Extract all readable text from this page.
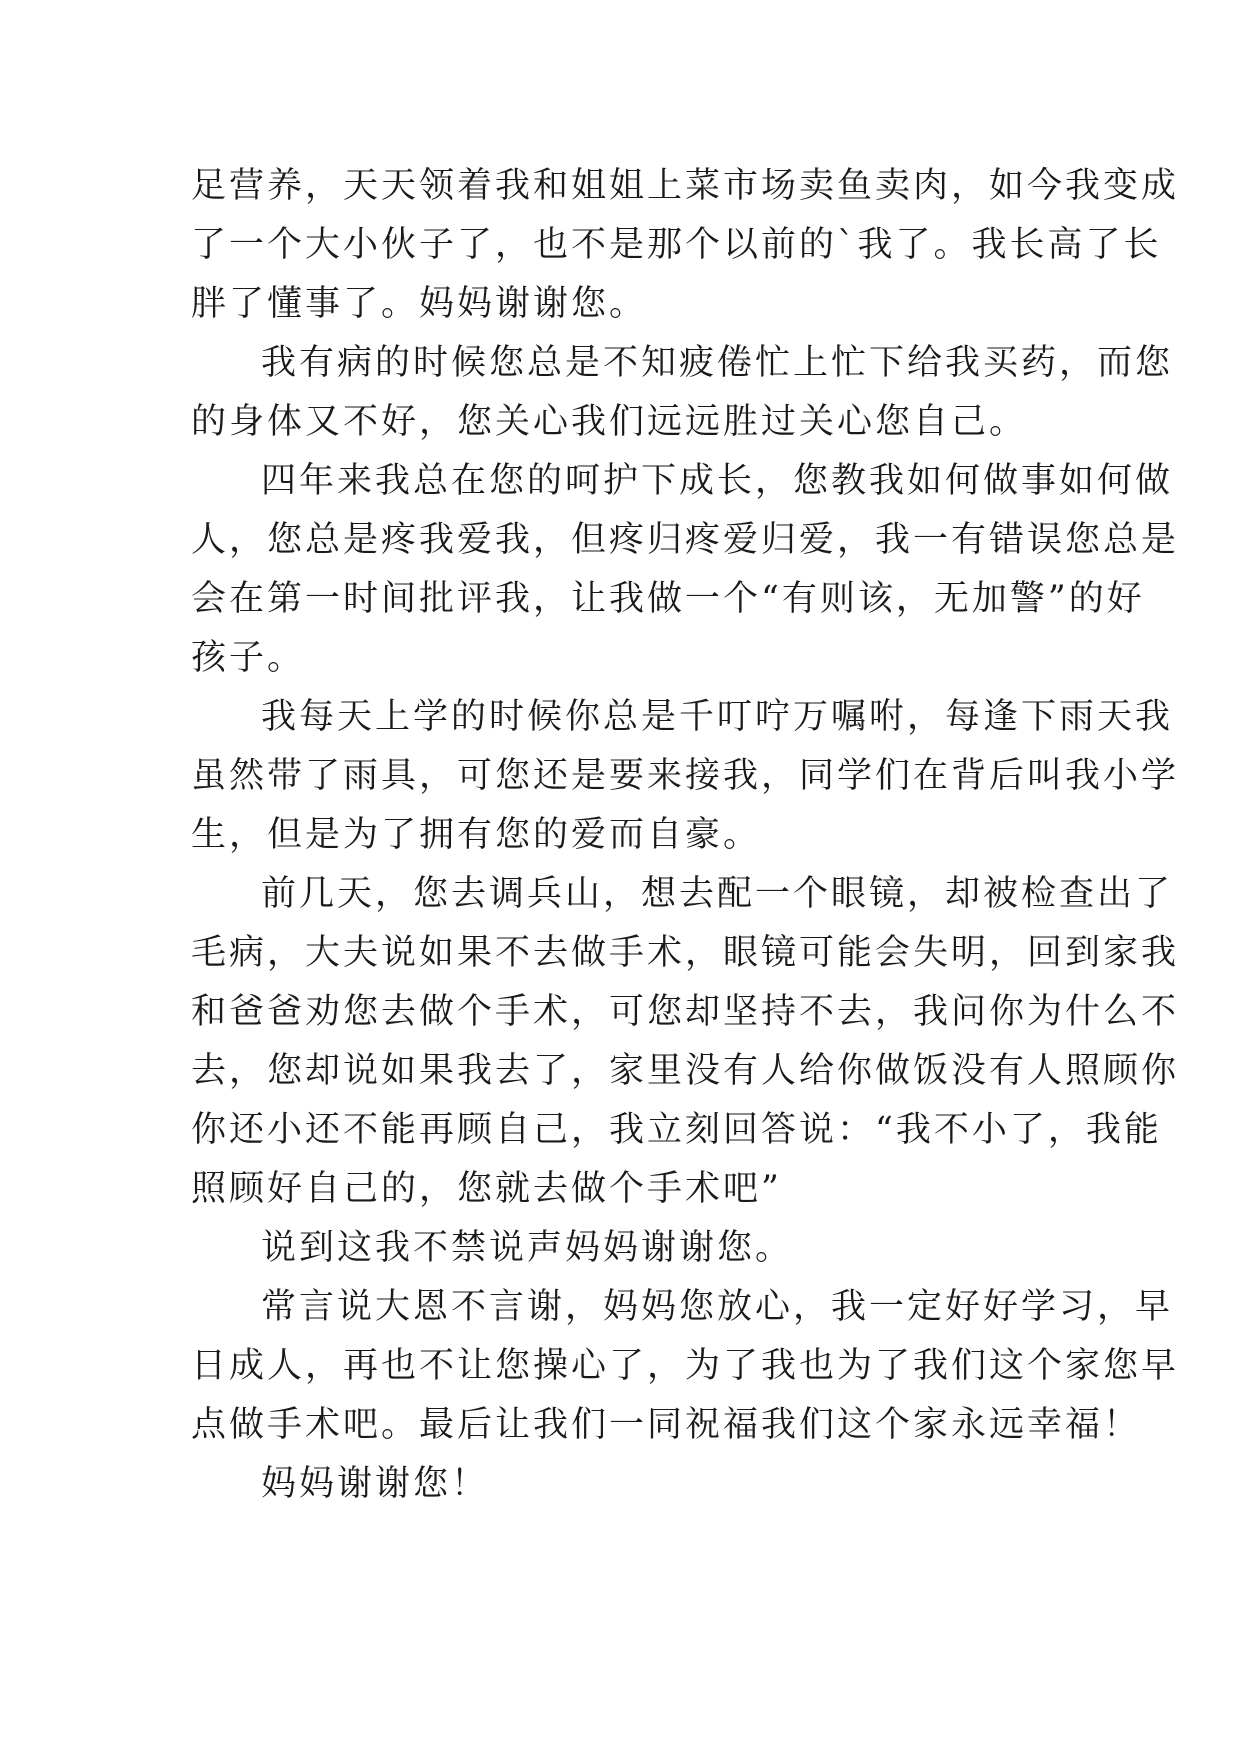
足营养，天天领着我和姐姐上菜市场卖鱼卖肉，如今我变成
了一个大小伙子了，也不是那个以前的`我了。我长高了长
胖了懂事了。妈妈谢谢您。

我有病的时候您总是不知疲倦忙上忙下给我买药，而您
的身体又不好，您关心我们远远胜过关心您自己。

四年来我总在您的呵护下成长，您教我如何做事如何做
人，您总是疼我爱我，但疼归疼爱归爱，我一有错误您总是
会在第一时间批评我，让我做一个“有则该，无加警”的好
孩子。

我每天上学的时候你总是千叮咛万嘱咐，每逢下雨天我
虽然带了雨具，可您还是要来接我，同学们在背后叫我小学
生，但是为了拥有您的爱而自豪。

前几天，您去调兵山，想去配一个眼镜，却被检查出了
毛病，大夫说如果不去做手术，眼镜可能会失明，回到家我
和爸爸劝您去做个手术，可您却坚持不去，我问你为什么不
去，您却说如果我去了，家里没有人给你做饭没有人照顾你
你还小还不能再顾自己，我立刻回答说：“我不小了，我能
照顾好自己的，您就去做个手术吧”

说到这我不禁说声妈妈谢谢您。

常言说大恩不言谢，妈妈您放心，我一定好好学习，早
日成人，再也不让您操心了，为了我也为了我们这个家您早
点做手术吧。最后让我们一同祝福我们这个家永远幸福！

妈妈谢谢您！
